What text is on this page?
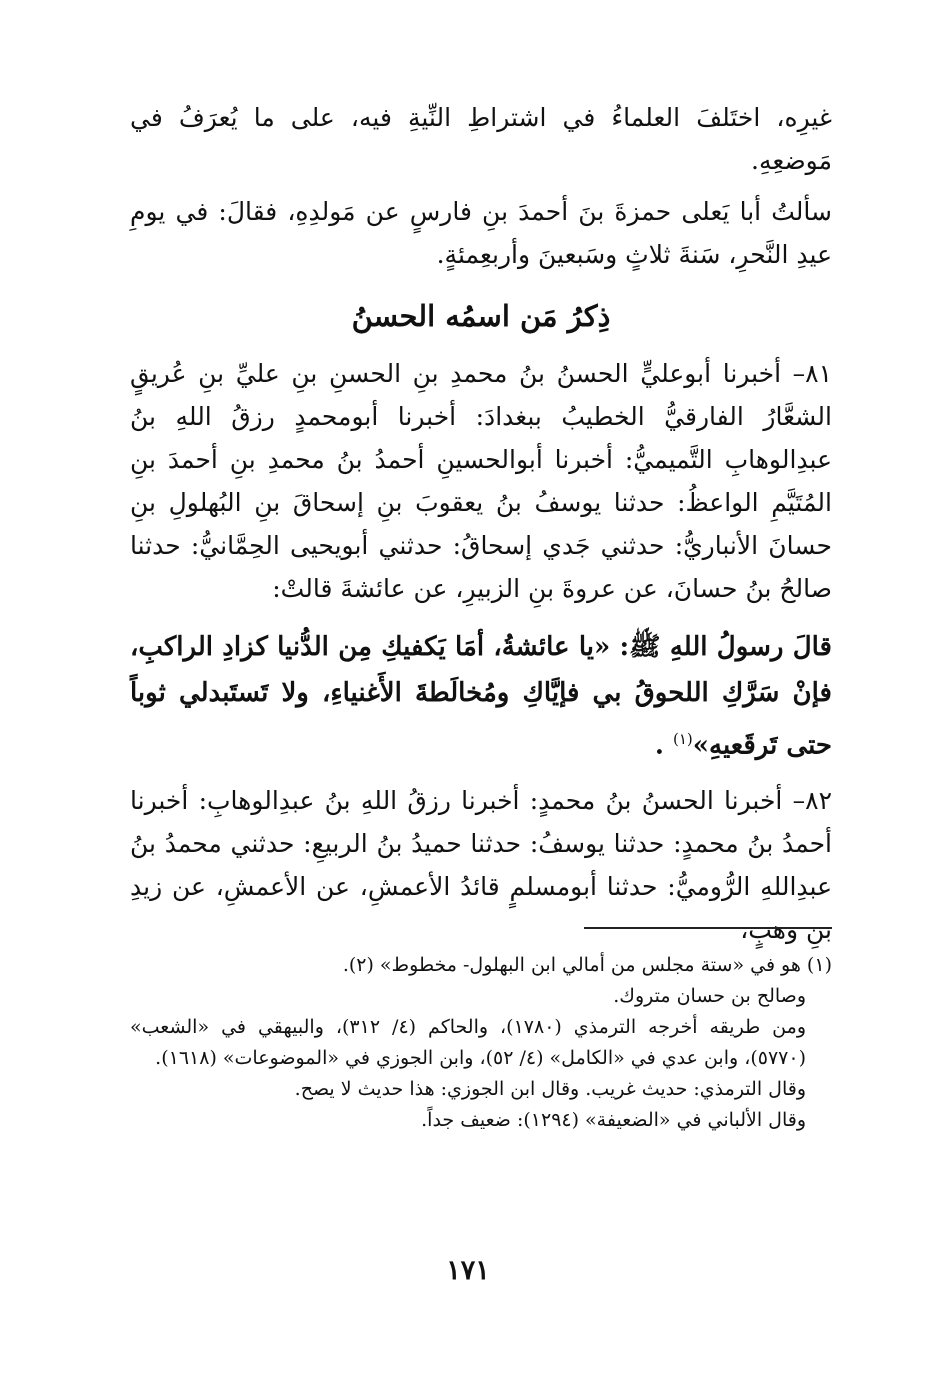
غيرِه، اختَلفَ العلماءُ في اشتراطِ النِّيةِ فيه، على ما يُعرَفُ في مَوضعِهِ.

سألتُ أبا يَعلى حمزةَ بنَ أحمدَ بنِ فارسٍ عن مَولدِهِ، فقالَ: في يومِ عيدِ النَّحرِ، سَنةَ ثلاثٍ وسَبعينَ وأربعِمئةٍ.

ذِكرُ مَن اسمُه الحسنُ

٨١– أخبرنا أبوعليٍّ الحسنُ بنُ محمدِ بنِ الحسنِ بنِ عليِّ بنِ عُريقٍ الشعَّارُ الفارقيُّ الخطيبُ ببغدادَ: أخبرنا أبومحمدٍ رزقُ اللهِ بنُ عبدِالوهابِ التَّميميُّ: أخبرنا أبوالحسينِ أحمدُ بنُ محمدِ بنِ أحمدَ بنِ المُتَيَّمِ الواعظُ: حدثنا يوسفُ بنُ يعقوبَ بنِ إسحاقَ بنِ البُهلولِ بنِ حسانَ الأنباريُّ: حدثني جَدي إسحاقُ: حدثني أبويحيى الحِمَّانيُّ: حدثنا صالحُ بنُ حسانَ، عن عروةَ بنِ الزبيرِ، عن عائشةَ قالتْ:

قالَ رسولُ اللهِ ﷺ: «يا عائشةُ، أمَا يَكفيكِ مِن الدُّنيا كزادِ الراكبِ، فإنْ سَرَّكِ اللحوقُ بي فإيَّاكِ ومُخالَطةَ الأَغنياءِ، ولا تَستَبدلي ثوباً حتى تَرقَعيهِ»$^{(١)}$ .

٨٢– أخبرنا الحسنُ بنُ محمدٍ: أخبرنا رزقُ اللهِ بنُ عبدِالوهابِ: أخبرنا أحمدُ بنُ محمدٍ: حدثنا يوسفُ: حدثنا حميدُ بنُ الربيعِ: حدثني محمدُ بنُ عبدِاللهِ الرُّوميُّ: حدثنا أبومسلمٍ قائدُ الأعمشِ، عن الأعمشِ، عن زيدِ بنِ وهبٍ،

(١) هو في «ستة مجلس من أمالي ابن البهلول- مخطوط» (٢).

وصالح بن حسان متروك.

ومن طريقه أخرجه الترمذي (١٧٨٠)، والحاكم (٤/ ٣١٢)، والبيهقي في «الشعب» (٥٧٧٠)، وابن عدي في «الكامل» (٤/ ٥٢)، وابن الجوزي في «الموضوعات» (١٦١٨).

وقال الترمذي: حديث غريب. وقال ابن الجوزي: هذا حديث لا يصح.

وقال الألباني في «الضعيفة» (١٢٩٤): ضعيف جداً.

١٧١
